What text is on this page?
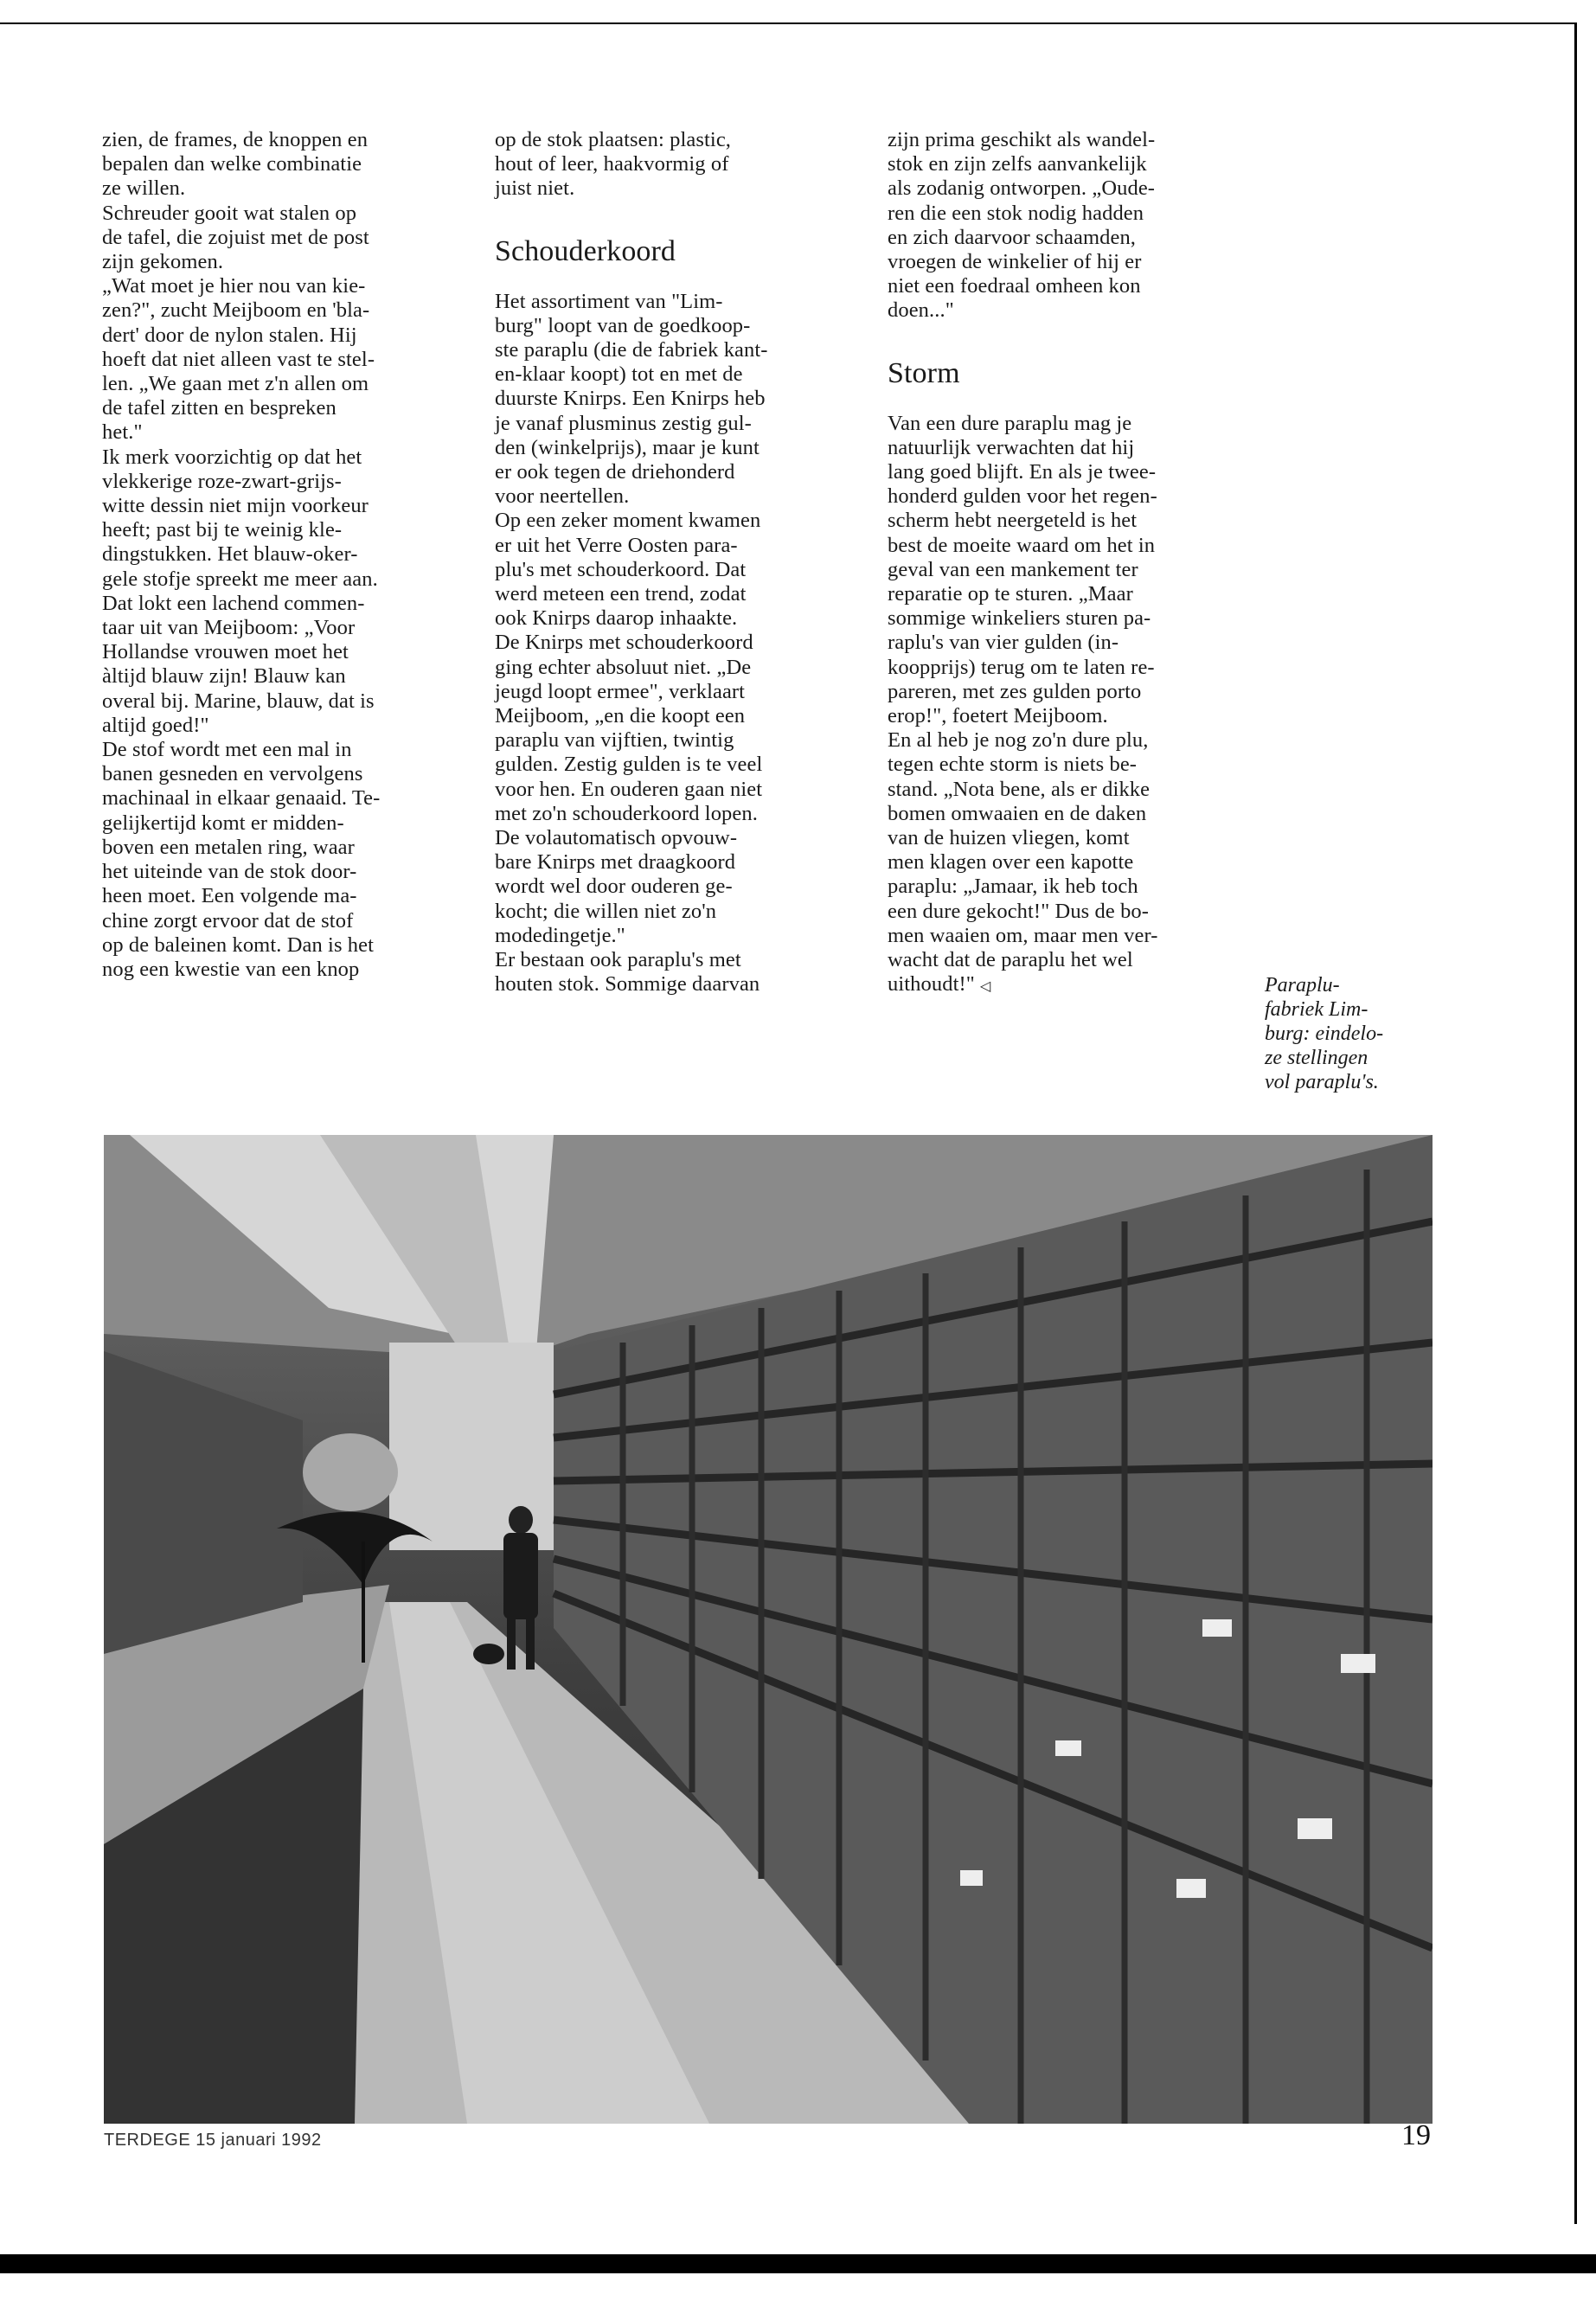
zien, de frames, de knoppen en
bepalen dan welke combinatie
ze willen.

Schreuder gooit wat stalen op
de tafel, die zojuist met de post
zijn gekomen.

„Wat moet je hier nou van kie-
zen?", zucht Meijboom en 'bla-
dert' door de nylon stalen. Hij
hoeft dat niet alleen vast te stel-
len. „We gaan met z'n allen om
de tafel zitten en bespreken
het."

Ik merk voorzichtig op dat het
vlekkerige roze-zwart-grijs-
witte dessin niet mijn voorkeur
heeft; past bij te weinig kle-
dingstukken. Het blauw-oker-
gele stofje spreekt me meer aan.
Dat lokt een lachend commen-
taar uit van Meijboom: „Voor
Hollandse vrouwen moet het
àltijd blauw zijn! Blauw kan
overal bij. Marine, blauw, dat is
altijd goed!"

De stof wordt met een mal in
banen gesneden en vervolgens
machinaal in elkaar genaaid. Te-
gelijkertijd komt er midden-
boven een metalen ring, waar
het uiteinde van de stok door-
heen moet. Een volgende ma-
chine zorgt ervoor dat de stof
op de baleinen komt. Dan is het
nog een kwestie van een knop

op de stok plaatsen: plastic,
hout of leer, haakvormig of
juist niet.

Schouderkoord

Het assortiment van "Lim-
burg" loopt van de goedkoop-
ste paraplu (die de fabriek kant-
en-klaar koopt) tot en met de
duurste Knirps. Een Knirps heb
je vanaf plusminus zestig gul-
den (winkelprijs), maar je kunt
er ook tegen de driehonderd
voor neertellen.

Op een zeker moment kwamen
er uit het Verre Oosten para-
plu's met schouderkoord. Dat
werd meteen een trend, zodat
ook Knirps daarop inhaakte.
De Knirps met schouderkoord
ging echter absoluut niet. „De
jeugd loopt ermee", verklaart
Meijboom, „en die koopt een
paraplu van vijftien, twintig
gulden. Zestig gulden is te veel
voor hen. En ouderen gaan niet
met zo'n schouderkoord lopen.
De volautomatisch opvouw-
bare Knirps met draagkoord
wordt wel door ouderen ge-
kocht; die willen niet zo'n
modedingetje."

Er bestaan ook paraplu's met
houten stok. Sommige daarvan

zijn prima geschikt als wandel-
stok en zijn zelfs aanvankelijk
als zodanig ontworpen. „Oude-
ren die een stok nodig hadden
en zich daarvoor schaamden,
vroegen de winkelier of hij er
niet een foedraal omheen kon
doen..."

Storm

Van een dure paraplu mag je
natuurlijk verwachten dat hij
lang goed blijft. En als je twee-
honderd gulden voor het regen-
scherm hebt neergeteld is het
best de moeite waard om het in
geval van een mankement ter
reparatie op te sturen. „Maar
sommige winkeliers sturen pa-
raplu's van vier gulden (in-
koopprijs) terug om te laten re-
pareren, met zes gulden porto
erop!", foetert Meijboom.

En al heb je nog zo'n dure plu,
tegen echte storm is niets be-
stand. „Nota bene, als er dikke
bomen omwaaien en de daken
van de huizen vliegen, komt
men klagen over een kapotte
paraplu: „Jamaar, ik heb toch
een dure gekocht!" Dus de bo-
men waaien om, maar men ver-
wacht dat de paraplu het wel
uithoudt!" ◁	Paraplu-
fabriek Lim-
burg: eindelo-
ze stellingen
vol paraplu's.
TERDEGE 15 januari 1992	19
